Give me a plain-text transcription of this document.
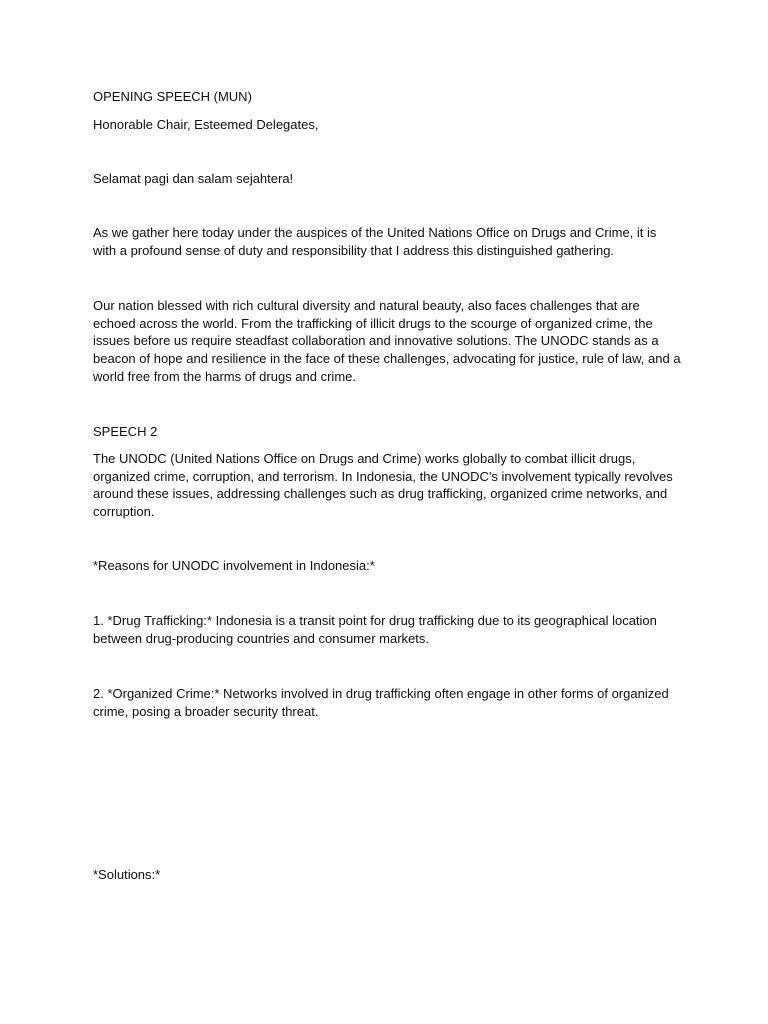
OPENING SPEECH (MUN)

Honorable Chair, Esteemed Delegates,

Selamat pagi dan salam sejahtera!

As we gather here today under the auspices of the United Nations Office on Drugs and Crime, it is with a profound sense of duty and responsibility that I address this distinguished gathering.

Our nation blessed with rich cultural diversity and natural beauty, also faces challenges that are echoed across the world. From the trafficking of illicit drugs to the scourge of organized crime, the issues before us require steadfast collaboration and innovative solutions. The UNODC stands as a beacon of hope and resilience in the face of these challenges, advocating for justice, rule of law, and a world free from the harms of drugs and crime.

SPEECH 2

The UNODC (United Nations Office on Drugs and Crime) works globally to combat illicit drugs, organized crime, corruption, and terrorism. In Indonesia, the UNODC's involvement typically revolves around these issues, addressing challenges such as drug trafficking, organized crime networks, and corruption.

*Reasons for UNODC involvement in Indonesia:*

1. *Drug Trafficking:* Indonesia is a transit point for drug trafficking due to its geographical location between drug-producing countries and consumer markets.

2. *Organized Crime:* Networks involved in drug trafficking often engage in other forms of organized crime, posing a broader security threat.

*Solutions:*
